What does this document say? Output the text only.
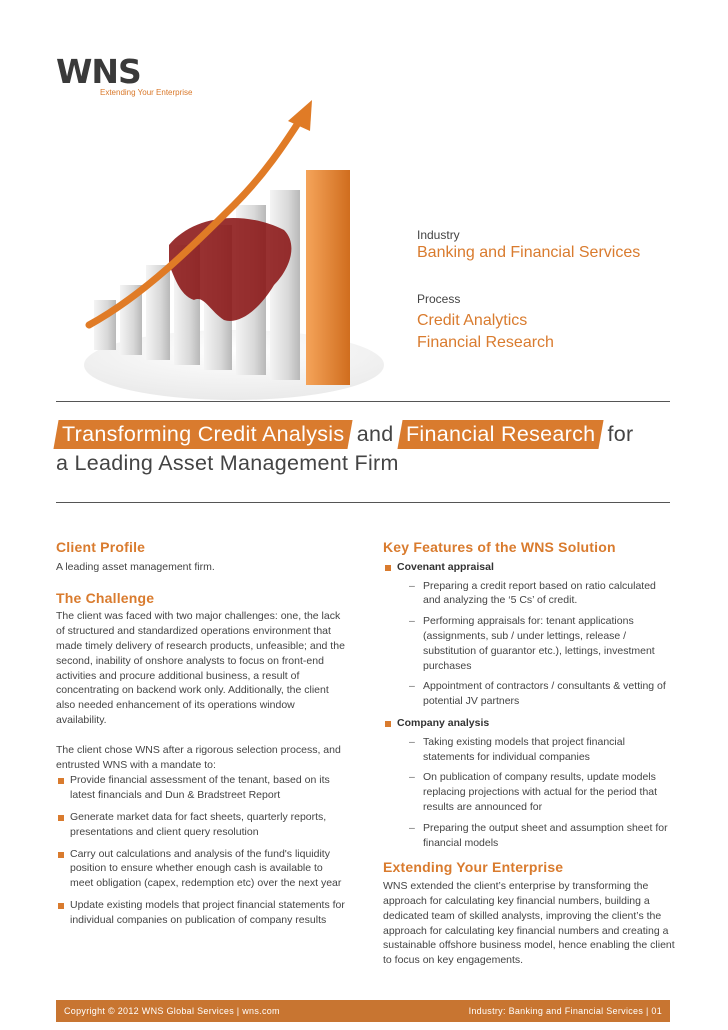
WNS
Extending Your Enterprise
Industry
Banking and Financial Services
Process
Credit Analytics
Financial Research
Transforming Credit Analysis and Financial Research for
a Leading Asset Management Firm
Client Profile

A leading asset management firm.

The Challenge

The client was faced with two major challenges: one, the lack of structured and standardized operations environment that made timely delivery of research products, unfeasible; and the second, inability of onshore analysts to focus on front-end activities and procure additional business, a result of concentrating on backend work only. Additionally, the client also needed enhancement of its operations window availability.

The client chose WNS after a rigorous selection process, and entrusted WNS with a mandate to:

Provide financial assessment of the tenant, based on its latest financials and Dun & Bradstreet Report
Generate market data for fact sheets, quarterly reports, presentations and client query resolution
Carry out calculations and analysis of the fund's liquidity position to ensure whether enough cash is available to meet obligation (capex, redemption etc) over the next year
Update existing models that project financial statements for individual companies on publication of company results
Key Features of the WNS Solution
Covenant appraisal
– Preparing a credit report based on ratio calculated and analyzing the ‘5 Cs’ of credit.
– Performing appraisals for: tenant applications (assignments, sub / under lettings, release / substitution of guarantor etc.), lettings, investment purchases
– Appointment of contractors / consultants & vetting of potential JV partners
Company analysis
– Taking existing models that project financial statements for individual companies
– On publication of company results, update models replacing projections with actual for the period that results are announced for
– Preparing the output sheet and assumption sheet for financial models
Extending Your Enterprise

WNS extended the client’s enterprise by transforming the approach for calculating key financial numbers, building a dedicated team of skilled analysts, improving the client’s the approach for calculating key financial numbers and creating a sustainable offshore business model, hence enabling the client to focus on key engagements.

Copyright © 2012 WNS Global Services | wns.com	Industry: Banking and Financial Services | 01
